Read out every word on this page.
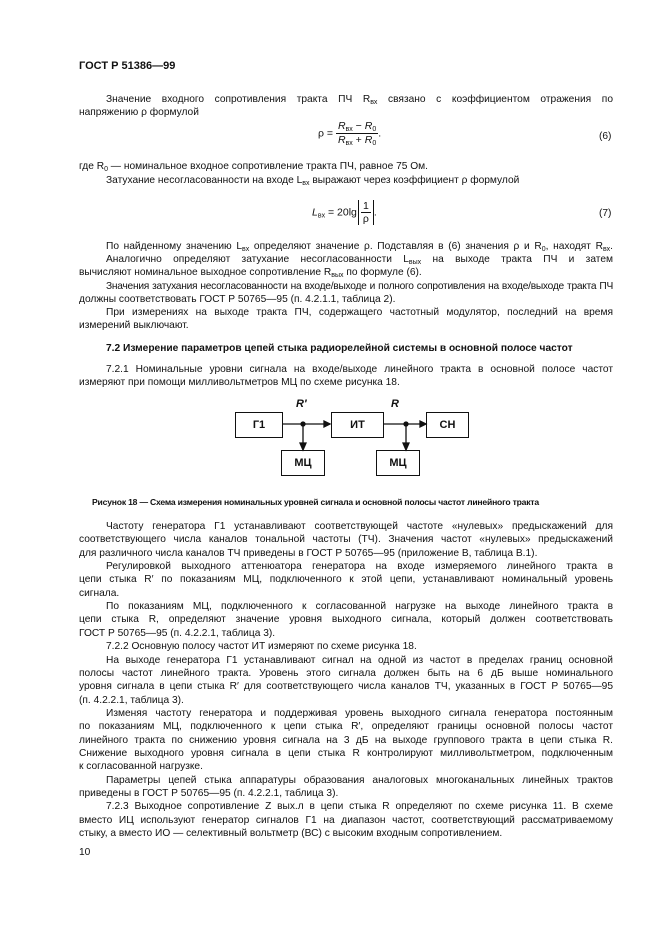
ГОСТ Р 51386—99
Значение входного сопротивления тракта ПЧ $R_{вх}$ связано с коэффициентом отражения по
напряжению ρ формулой
$\rho = \frac{R_{вх} - R_0}{R_{вх} + R_0}$ .	(6)
где $R_0$ — номинальное входное сопротивление тракта ПЧ, равное 75 Ом.
Затухание несогласованности на входе $L_{вх}$ выражают через коэффициент ρ формулой
$L_{вх} = 20\lg \frac{1}{\rho}$ .	(7)
По найденному значению $L_{вх}$ определяют значение ρ. Подставляя в (6) значения ρ и $R_0$, находят $R_{вх}$.
Аналогично определяют затухание несогласованности $L_{вых}$ на выходе тракта ПЧ и затем
вычисляют номинальное выходное сопротивление $R_{вых}$ по формуле (6).
Значения затухания несогласованности на входе/выходе и полного сопротивления на входе/выходе тракта ПЧ
должны соответствовать ГОСТ Р 50765—95 (п. 4.2.1.1, таблица 2).
При измерениях на выходе тракта ПЧ, содержащего частотный модулятор, последний на время
измерений выключают.
7.2 Измерение параметров цепей стыка радиорелейной системы в основной полосе частот
7.2.1 Номинальные уровни сигнала на входе/выходе линейного тракта в основной полосе частот
измеряют при помощи милливольтметров МЦ по схеме рисунка 18.
Г1	ИТ	СН
МЦ	МЦ
R′	R
Рисунок 18 — Схема измерения номинальных уровней сигнала и основной полосы частот линейного тракта
Частоту генератора Г1 устанавливают соответствующей частоте «нулевых» предыскажений для
соответствующего числа каналов тональной частоты (ТЧ). Значения частот «нулевых» предыскажений
для различного числа каналов ТЧ приведены в ГОСТ Р 50765—95 (приложение В, таблица В.1).
Регулировкой выходного аттенюатора генератора на входе измеряемого линейного тракта в
цепи стыка R′ по показаниям МЦ, подключенного к этой цепи, устанавливают номинальный уровень
сигнала.
По показаниям МЦ, подключенного к согласованной нагрузке на выходе линейного тракта в
цепи стыка R, определяют значение уровня выходного сигнала, который должен соответствовать
ГОСТ Р 50765—95 (п. 4.2.2.1, таблица 3).
7.2.2 Основную полосу частот ИТ измеряют по схеме рисунка 18.
На выходе генератора Г1 устанавливают сигнал на одной из частот в пределах границ основной
полосы частот линейного тракта. Уровень этого сигнала должен быть на 6 дБ выше номинального
уровня сигнала в цепи стыка R′ для соответствующего числа каналов ТЧ, указанных в ГОСТ Р 50765—95
(п. 4.2.2.1, таблица 3).
Изменяя частоту генератора и поддерживая уровень выходного сигнала генератора постоянным
по показаниям МЦ, подключенного к цепи стыка R′, определяют границы основной полосы частот
линейного тракта по снижению уровня сигнала на 3 дБ на выходе группового тракта в цепи стыка R.
Снижение выходного уровня сигнала в цепи стыка R контролируют милливольтметром, подключенным
к согласованной нагрузке.
Параметры цепей стыка аппаратуры образования аналоговых многоканальных линейных трактов
приведены в ГОСТ Р 50765—95 (п. 4.2.2.1, таблица 3).
7.2.3 Выходное сопротивление Z вых.л в цепи стыка R определяют по схеме рисунка 11. В схеме
вместо ИЦ используют генератор сигналов Г1 на диапазон частот, соответствующий рассматриваемому
стыку, а вместо ИО — селективный вольтметр (ВС) с высоким входным сопротивлением.
10
